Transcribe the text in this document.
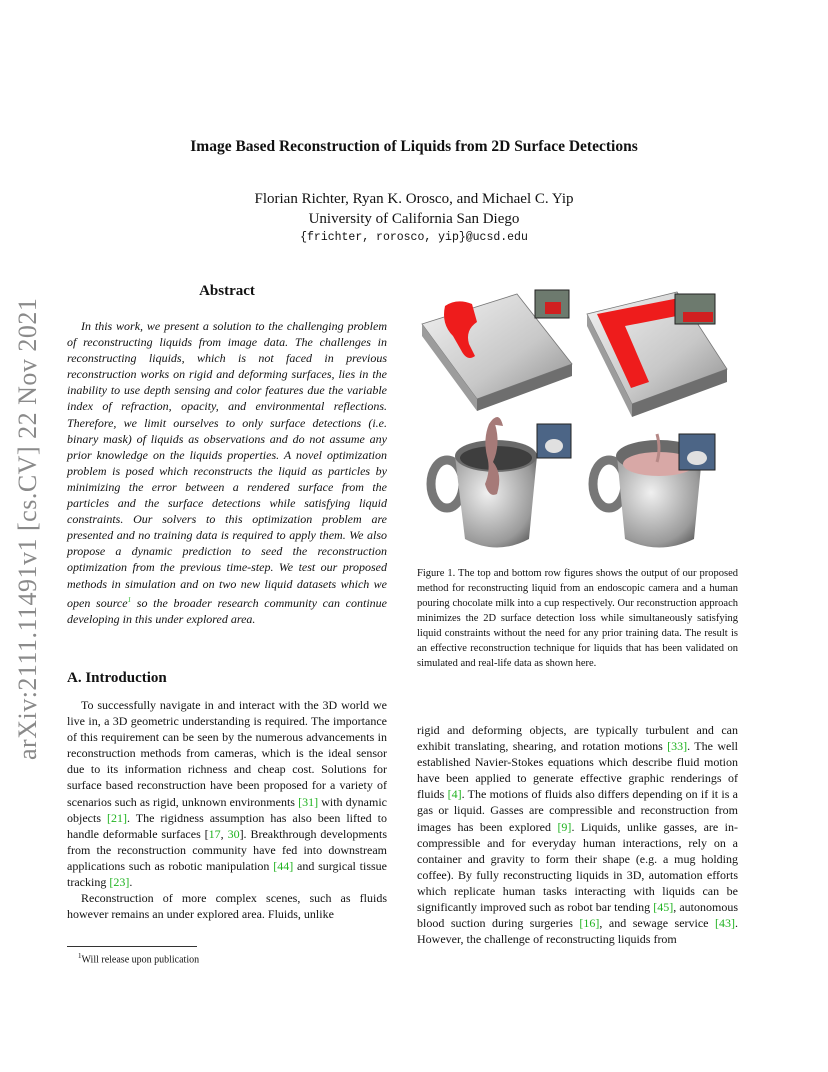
Image Based Reconstruction of Liquids from 2D Surface Detections
Florian Richter, Ryan K. Orosco, and Michael C. Yip
University of California San Diego
{frichter, rorosco, yip}@ucsd.edu
arXiv:2111.11491v1 [cs.CV] 22 Nov 2021
Abstract

In this work, we present a solution to the challenging problem of reconstructing liquids from image data. The challenges in reconstructing liquids, which is not faced in previous reconstruction works on rigid and deforming surfaces, lies in the inability to use depth sensing and color features due the variable index of refraction, opacity, and environmental reflections. Therefore, we limit ourselves to only surface detections (i.e. binary mask) of liquids as observations and do not assume any prior knowledge on the liquids properties. A novel optimization problem is posed which reconstructs the liquid as particles by minimizing the error between a rendered surface from the particles and the surface detections while satisfying liquid constraints. Our solvers to this optimization problem are presented and no training data is required to apply them. We also propose a dynamic prediction to seed the reconstruction optimization from the previous time-step. We test our proposed methods in simulation and on two new liquid datasets which we open source$^1$ so the broader research community can continue developing in this under explored area.

A. Introduction

To successfully navigate in and interact with the 3D world we live in, a 3D geometric understanding is required. The importance of this requirement can be seen by the numerous advancements in reconstruction methods from cameras, which is the ideal sensor due to its information richness and cheap cost. Solutions for surface based reconstruction have been proposed for a variety of scenarios such as rigid, unknown environments [31] with dynamic objects [21]. The rigidness assumption has also been lifted to handle deformable surfaces [17, 30]. Breakthrough developments from the reconstruction community have fed into downstream applications such as robotic manipulation [44] and surgical tissue tracking [23].

Reconstruction of more complex scenes, such as fluids however remains an under explored area. Fluids, unlike

Figure 1. The top and bottom row figures shows the output of our proposed method for reconstructing liquid from an endoscopic camera and a human pouring chocolate milk into a cup respectively. Our reconstruction approach minimizes the 2D surface detection loss while simultaneously satisfying liquid constraints without the need for any prior training data. The result is an effective reconstruction technique for liquids that has been validated on simulated and real-life data as shown here.

rigid and deforming objects, are typically turbulent and can exhibit translating, shearing, and rotation motions [33]. The well established Navier-Stokes equations which describe fluid motion have been applied to generate effective graphic renderings of fluids [4]. The motions of fluids also differs depending on if it is a gas or liquid. Gasses are compressible and reconstruction from images has been explored [9]. Liquids, unlike gasses, are in-compressible and for everyday human interactions, rely on a container and gravity to form their shape (e.g. a mug holding coffee). By fully reconstructing liquids in 3D, automation efforts which replicate human tasks interacting with liquids can be significantly improved such as robot bar tending [45], autonomous blood suction during surgeries [16], and sewage service [43]. However, the challenge of reconstructing liquids from

$^1$Will release upon publication
